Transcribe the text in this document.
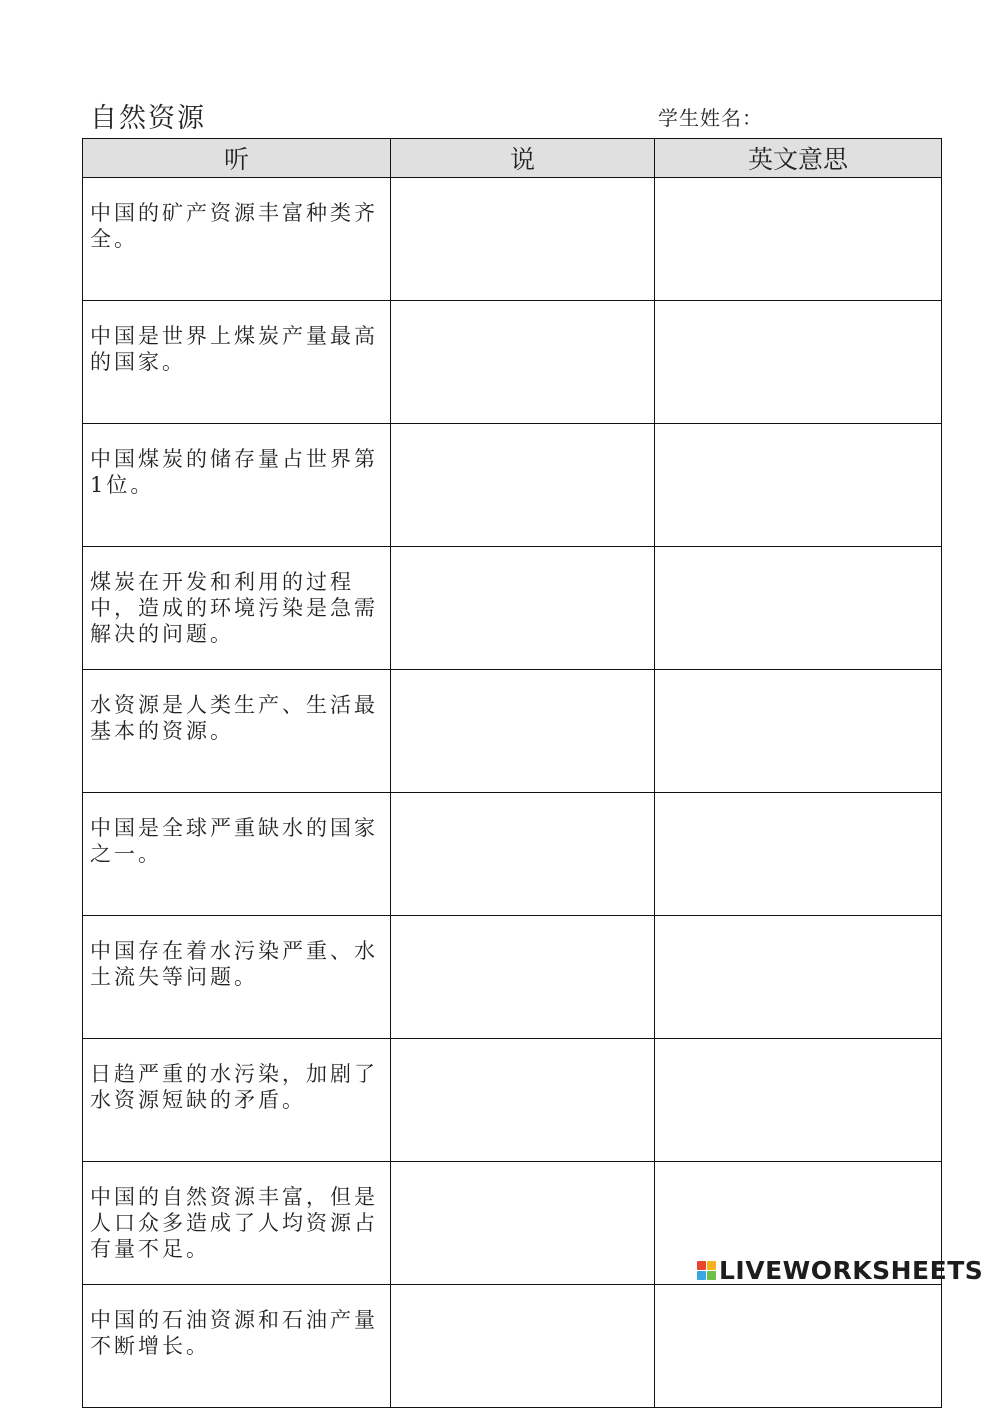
自然资源	学生姓名：
听	说	英文意思
中国的矿产资源丰富种类齐全。		
中国是世界上煤炭产量最高的国家。		
中国煤炭的储存量占世界第1位。		
煤炭在开发和利用的过程中，造成的环境污染是急需解决的问题。		
水资源是人类生产、生活最基本的资源。		
中国是全球严重缺水的国家之一。		
中国存在着水污染严重、水土流失等问题。		
日趋严重的水污染，加剧了水资源短缺的矛盾。		
中国的自然资源丰富，但是人口众多造成了人均资源占有量不足。		
中国的石油资源和石油产量不断增长。		
LIVEWORKSHEETS
